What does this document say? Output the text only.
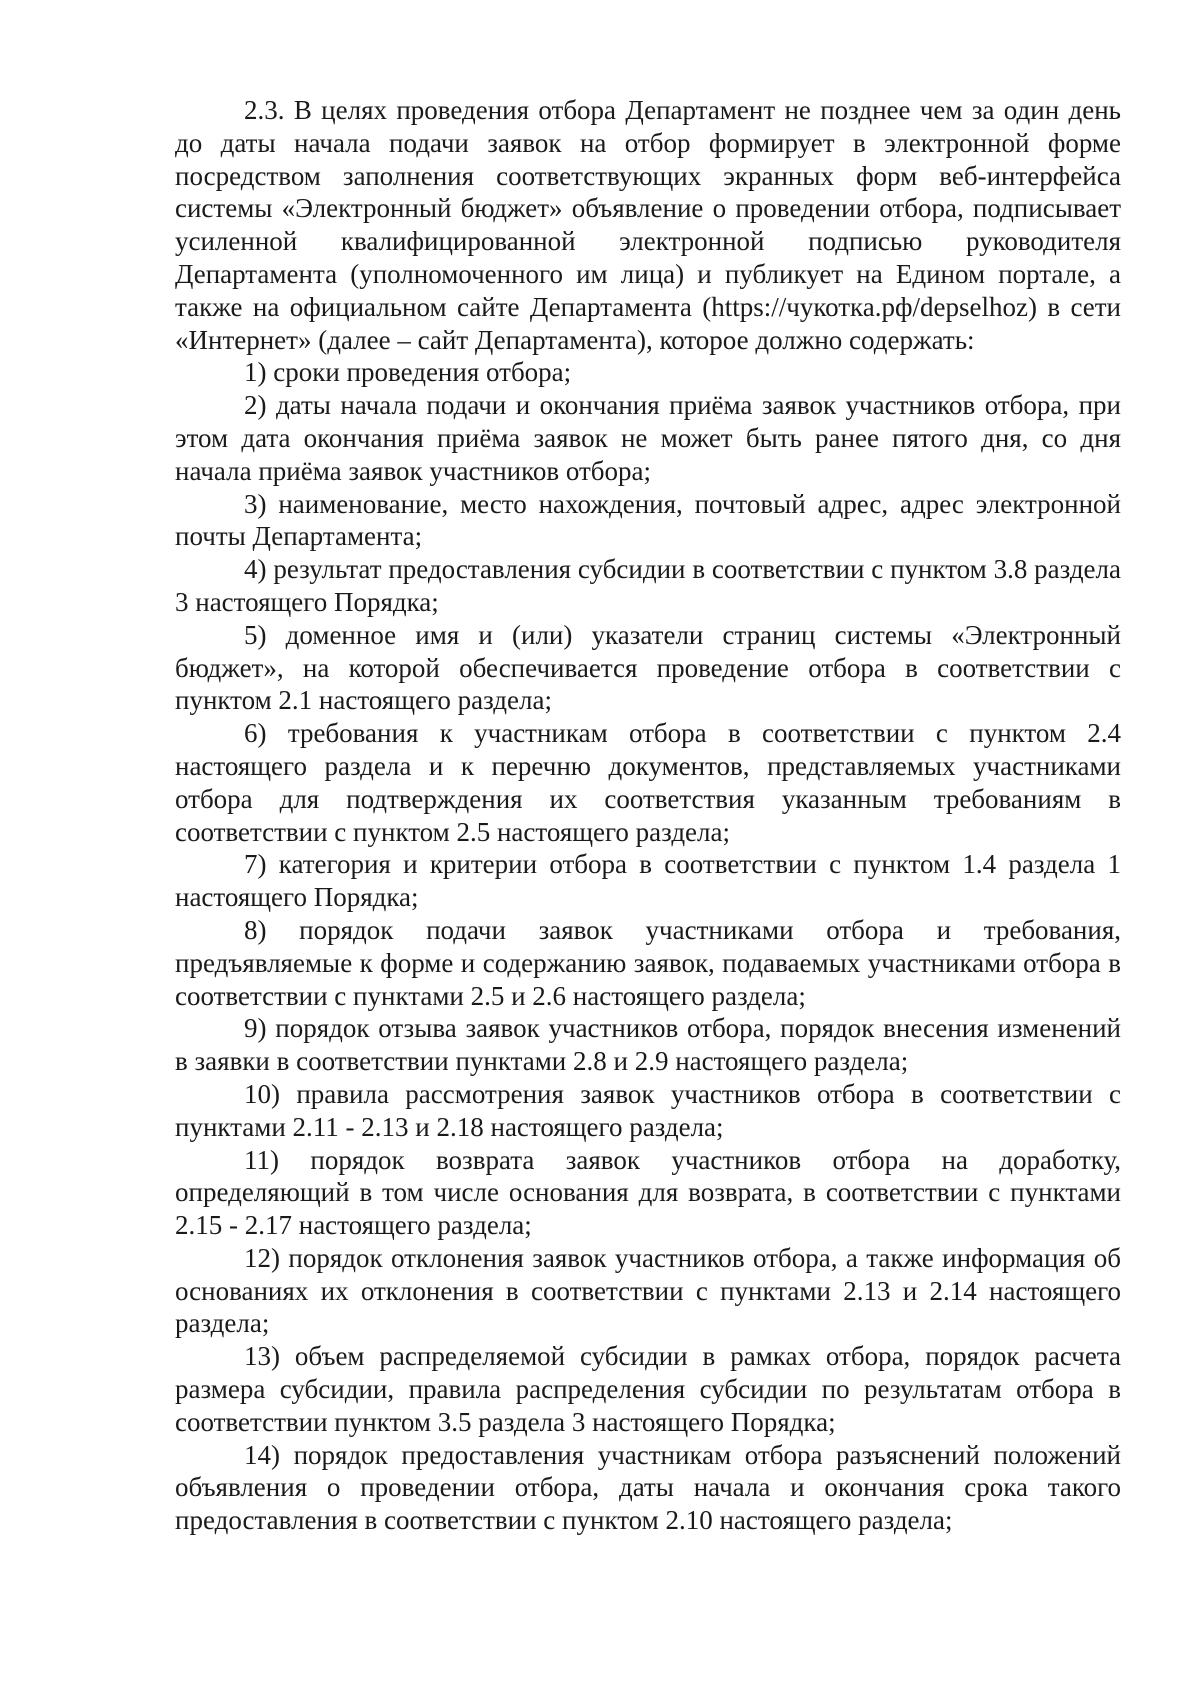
2.3. В целях проведения отбора Департамент не позднее чем за один день до даты начала подачи заявок на отбор формирует в электронной форме посредством заполнения соответствующих экранных форм веб-интерфейса системы «Электронный бюджет» объявление о проведении отбора, подписывает усиленной квалифицированной электронной подписью руководителя Департамента (уполномоченного им лица) и публикует на Едином портале, а также на официальном сайте Департамента (https://чукотка.рф/depselhoz) в сети «Интернет» (далее – сайт Департамента), которое должно содержать:

1) сроки проведения отбора;

2) даты начала подачи и окончания приёма заявок участников отбора, при этом дата окончания приёма заявок не может быть ранее пятого дня, со дня начала приёма заявок участников отбора;

3) наименование, место нахождения, почтовый адрес, адрес электронной почты Департамента;

4) результат предоставления субсидии в соответствии с пунктом 3.8 раздела 3 настоящего Порядка;

5) доменное имя и (или) указатели страниц системы «Электронный бюджет», на которой обеспечивается проведение отбора в соответствии с пунктом 2.1 настоящего раздела;

6) требования к участникам отбора в соответствии с пунктом 2.4 настоящего раздела и к перечню документов, представляемых участниками отбора для подтверждения их соответствия указанным требованиям в соответствии с пунктом 2.5 настоящего раздела;

7) категория и критерии отбора в соответствии с пунктом 1.4 раздела 1 настоящего Порядка;

8) порядок подачи заявок участниками отбора и требования, предъявляемые к форме и содержанию заявок, подаваемых участниками отбора в соответствии с пунктами 2.5 и 2.6 настоящего раздела;

9) порядок отзыва заявок участников отбора, порядок внесения изменений в заявки в соответствии пунктами 2.8 и 2.9 настоящего раздела;

10) правила рассмотрения заявок участников отбора в соответствии с пунктами 2.11 - 2.13 и 2.18 настоящего раздела;

11) порядок возврата заявок участников отбора на доработку, определяющий в том числе основания для возврата, в соответствии с пунктами 2.15 - 2.17 настоящего раздела;

12) порядок отклонения заявок участников отбора, а также информация об основаниях их отклонения в соответствии с пунктами 2.13 и 2.14 настоящего раздела;

13) объем распределяемой субсидии в рамках отбора, порядок расчета размера субсидии, правила распределения субсидии по результатам отбора в соответствии пунктом 3.5 раздела 3 настоящего Порядка;

14) порядок предоставления участникам отбора разъяснений положений объявления о проведении отбора, даты начала и окончания срока такого предоставления в соответствии с пунктом 2.10 настоящего раздела;
